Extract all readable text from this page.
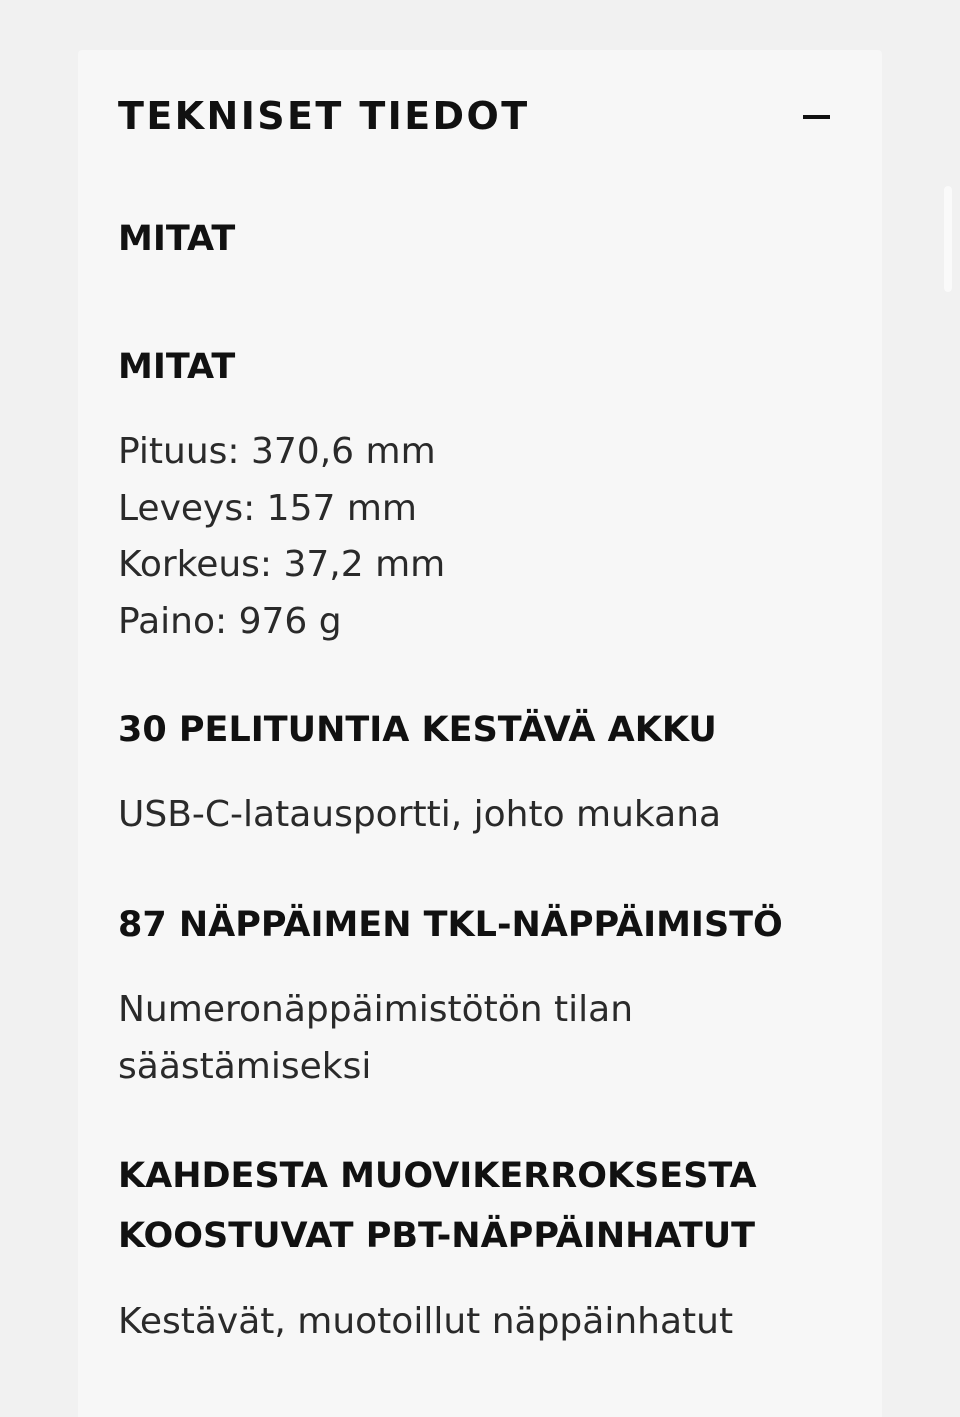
TEKNISET TIEDOT
MITAT
MITAT
Pituus: 370,6 mm
Leveys: 157 mm
Korkeus: 37,2 mm
Paino: 976 g
30 PELITUNTIA KESTÄVÄ AKKU
USB-C-latausportti, johto mukana
87 NÄPPÄIMEN TKL-NÄPPÄIMISTÖ
Numeronäppäimistötön tilan
säästämiseksi
KAHDESTA MUOVIKERROKSESTA
KOOSTUVAT PBT-NÄPPÄINHATUT
Kestävät, muotoillut näppäinhatut
